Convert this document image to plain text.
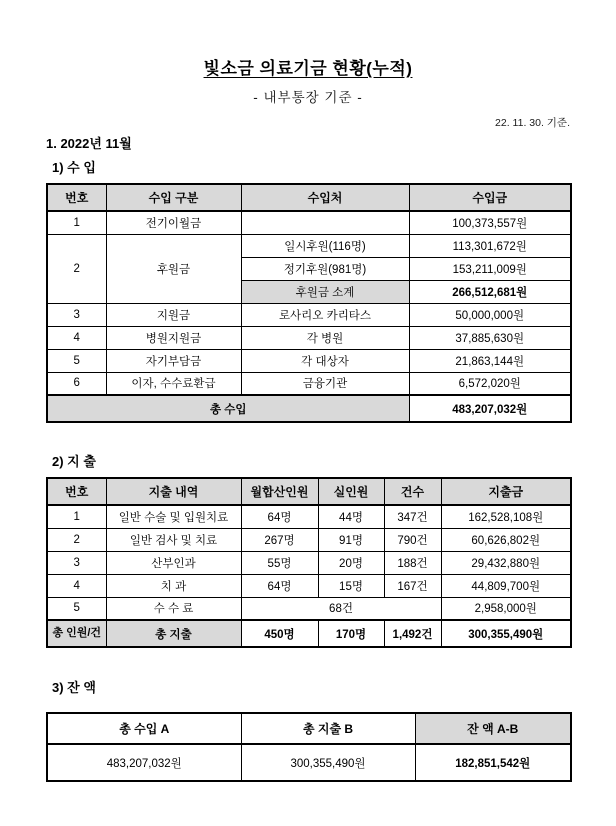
빛소금 의료기금 현황(누적)
- 내부통장 기준 -
22. 11. 30. 기준.
1. 2022년 11월
1) 수 입
번호	수입 구분	수입처	수입금
1	전기이월금		100,373,557원
2	후원금	일시후원(116명)	113,301,672원
		정기후원(981명)	153,211,009원
		후원금 소계	266,512,681원
3	지원금	로사리오 카리타스	50,000,000원
4	병원지원금	각 병원	37,885,630원
5	자기부담금	각 대상자	21,863,144원
6	이자, 수수료환급	금융기관	6,572,020원
총 수입			483,207,032원
2) 지 출
번호	지출 내역	월합산인원	실인원	건수	지출금
1	일반 수술 및 입원치료	64명	44명	347건	162,528,108원
2	일반 검사 및 치료	267명	91명	790건	60,626,802원
3	산부인과	55명	20명	188건	29,432,880원
4	치 과	64명	15명	167건	44,809,700원
5	수 수 료	68건			2,958,000원
총 인원/건	총 지출	450명	170명	1,492건	300,355,490원
3) 잔 액
총 수입 A	총 지출 B	잔 액 A-B
483,207,032원	300,355,490원	182,851,542원
